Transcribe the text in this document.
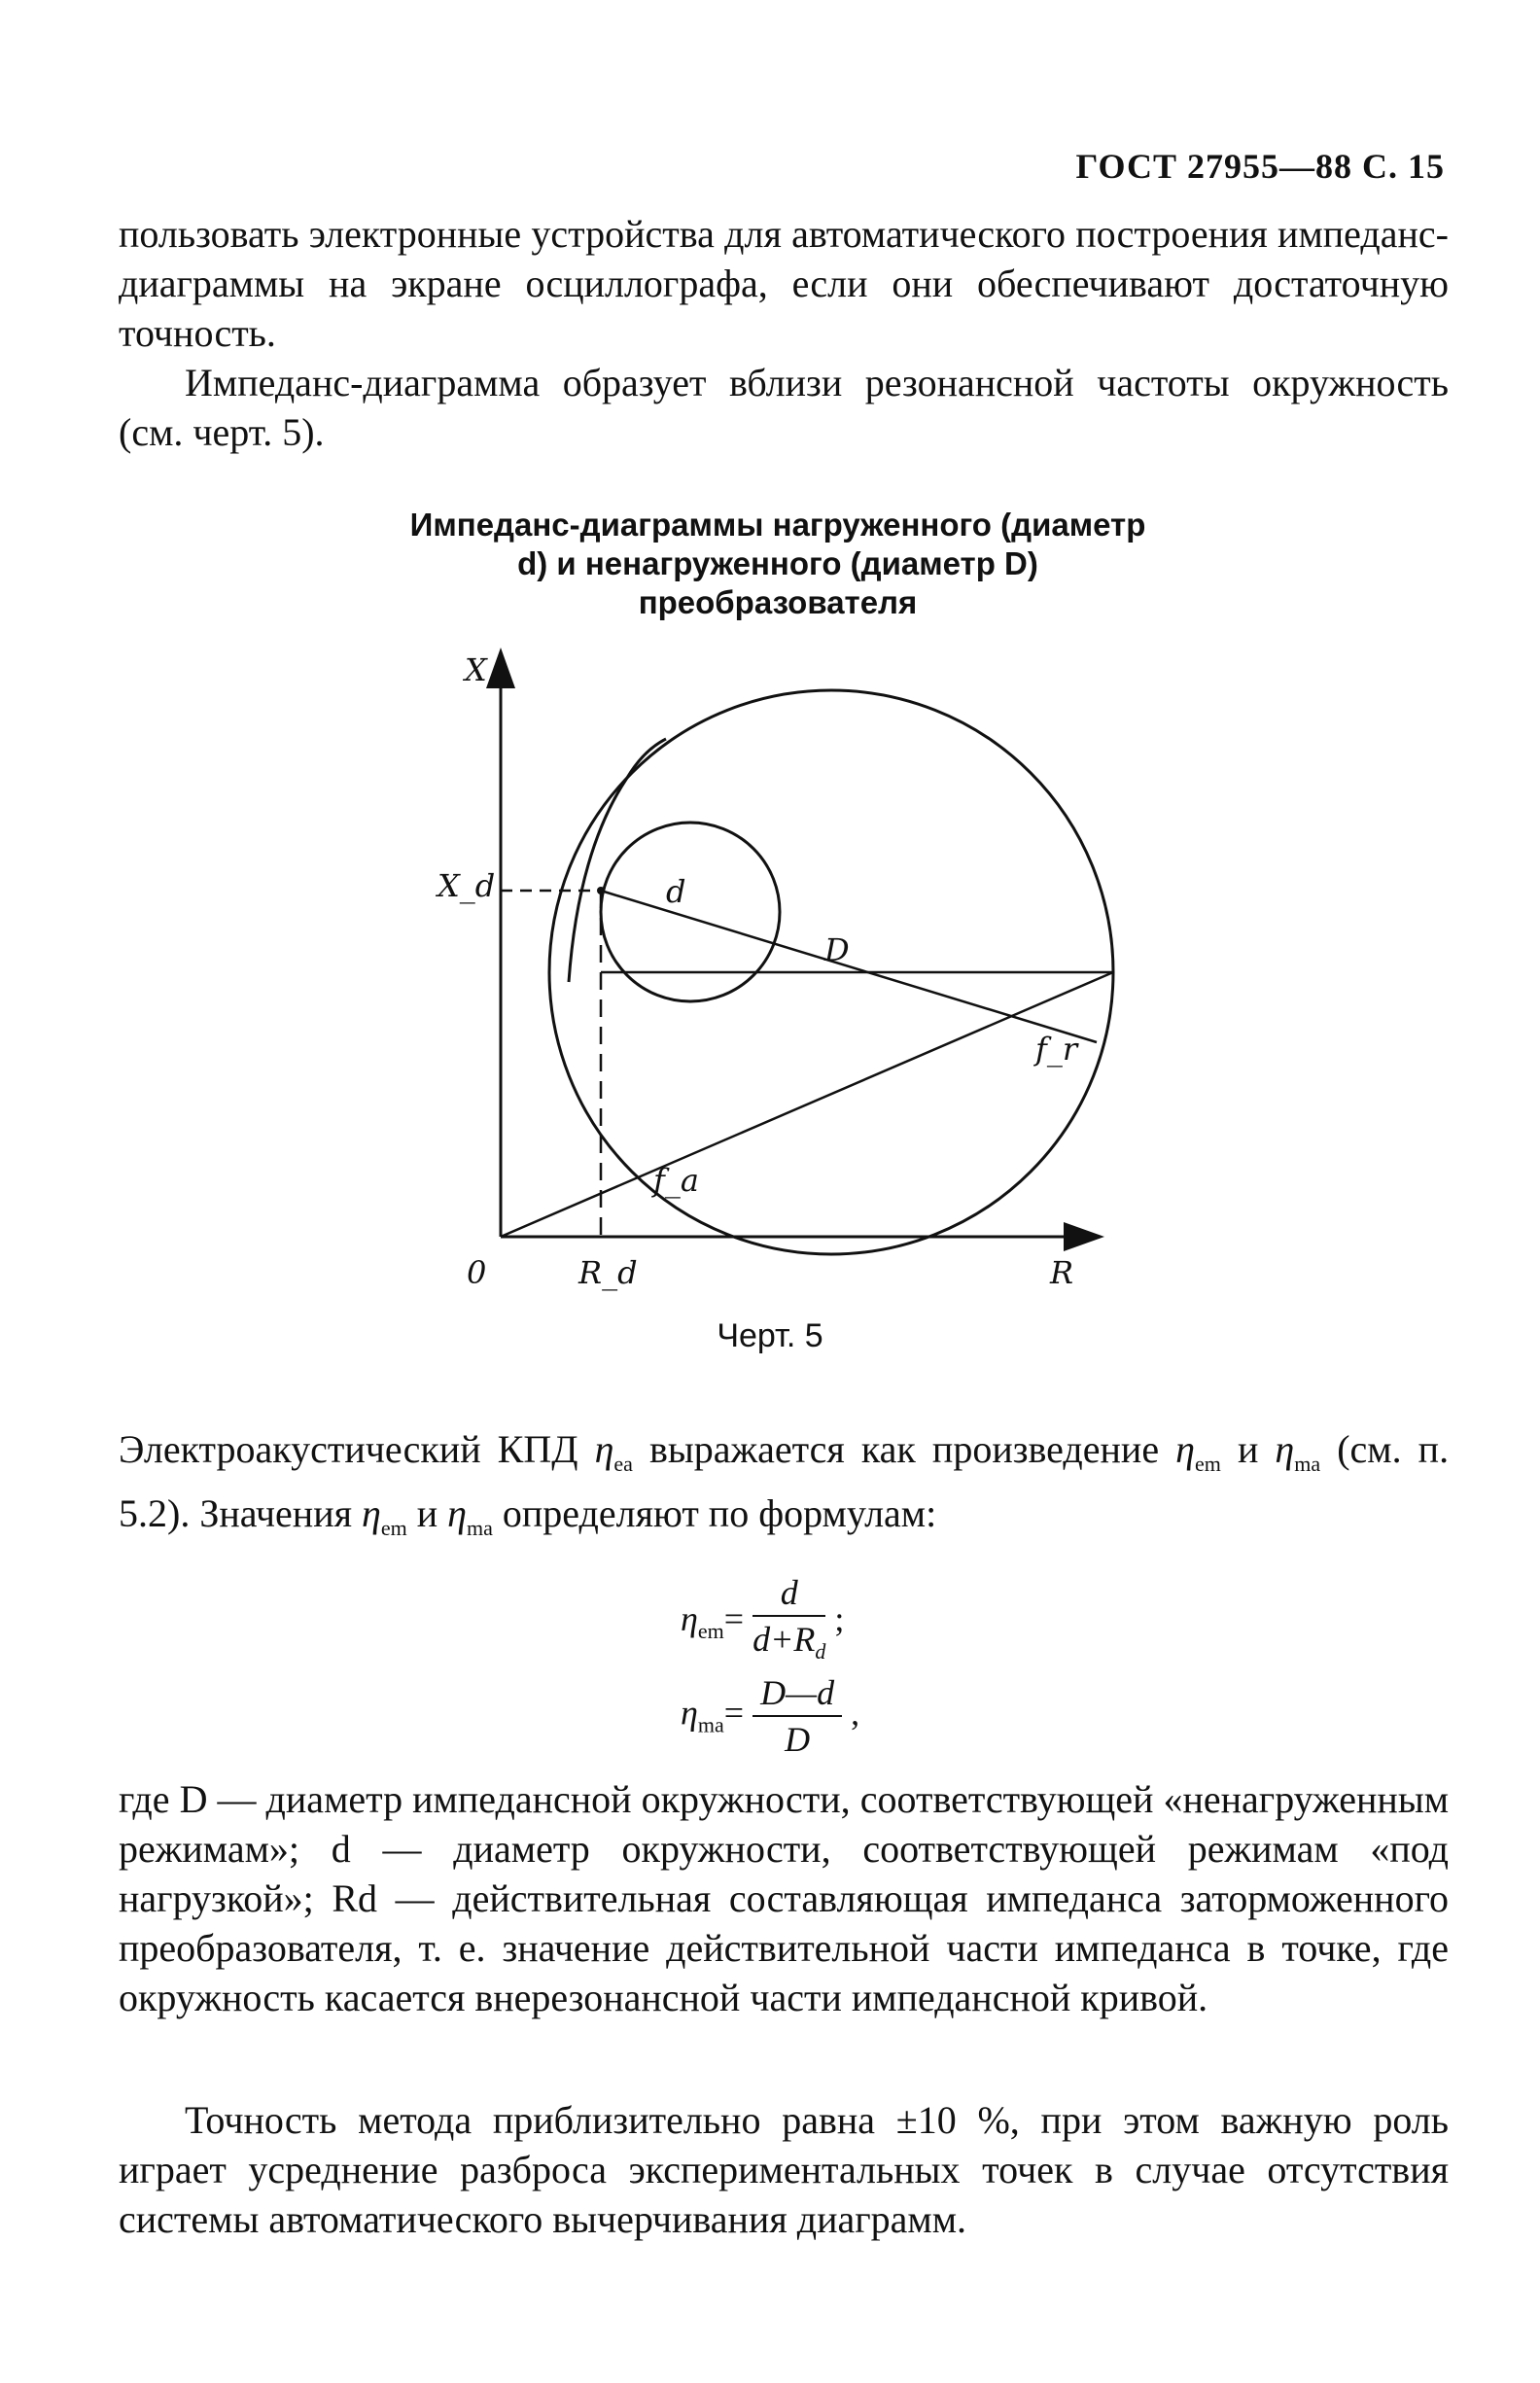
ГОСТ 27955—88 С. 15

пользовать электронные устройства для автоматического построения импеданс-диаграммы на экране осциллографа, если они обеспечивают достаточную точность.

Импеданс-диаграмма образует вблизи резонансной частоты окружность (см. черт. 5).

Импеданс-диаграммы нагруженного (диаметр d) и ненагруженного (диаметр D) преобразователя
X
X_d
0	R_d	R
d
D
f_r
f_a
Черт. 5

Электроакустический КПД $\eta_{ea}$ выражается как произведение $\eta_{em}$ и $\eta_{ma}$ (см. п. 5.2). Значения $\eta_{em}$ и $\eta_{ma}$ определяют по формулам:

$\eta_{em}= \frac{d}{d+R_d}$ ;
$\eta_{ma}= \frac{D—d}{D}$ ,

где D — диаметр импедансной окружности, соответствующей «ненагруженным режимам»; d — диаметр окружности, соответствующей режимам «под нагрузкой»; Rd — действительная составляющая импеданса заторможенного преобразователя, т. е. значение действительной части импеданса в точке, где окружность касается внерезонансной части импедансной кривой.

Точность метода приблизительно равна ±10 %, при этом важную роль играет усреднение разброса экспериментальных точек в случае отсутствия системы автоматического вычерчивания диаграмм.
